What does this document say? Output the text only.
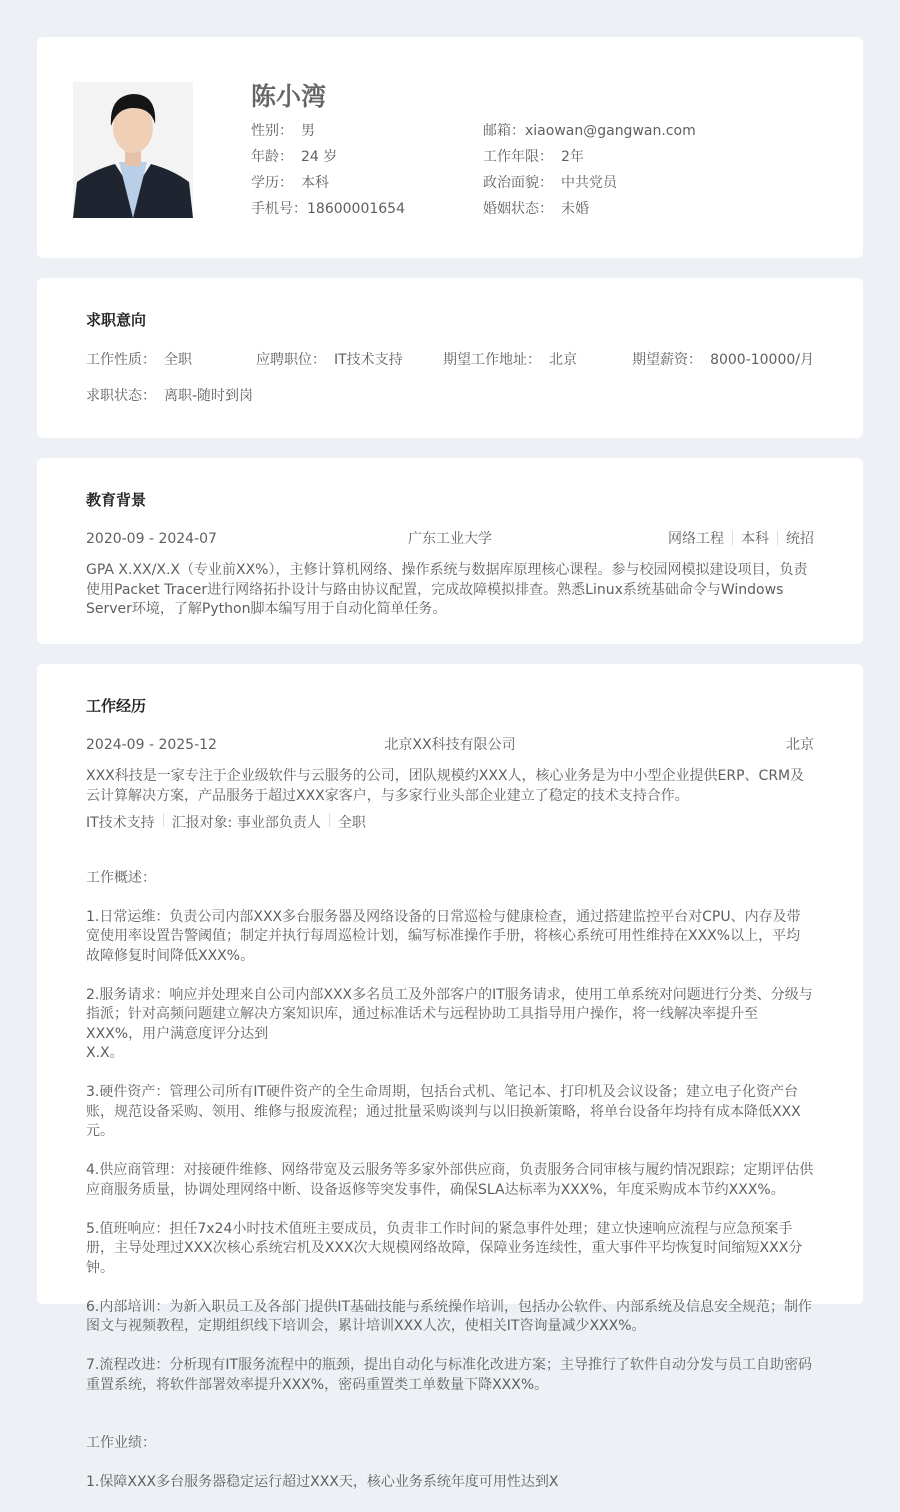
陈小湾
性别： 男	邮箱：xiaowan@gangwan.com
年龄： 24 岁	工作年限： 2年
学历： 本科	政治面貌： 中共党员
手机号：18600001654	婚姻状态： 未婚
求职意向
工作性质： 全职	应聘职位： IT技术支持	期望工作地址： 北京	期望薪资： 8000-10000/月
求职状态： 离职-随时到岗
教育背景
2020-09 - 2024-07	广东工业大学	网络工程 本科 统招

GPA X.XX/X.X（专业前XX%），主修计算机网络、操作系统与数据库原理核心课程。参与校园网模拟建设项目，负责使用Packet Tracer进行网络拓扑设计与路由协议配置，完成故障模拟排查。熟悉Linux系统基础命令与Windows Server环境，了解Python脚本编写用于自动化简单任务。

工作经历
2024-09 - 2025-12	北京XX科技有限公司	北京

XXX科技是一家专注于企业级软件与云服务的公司，团队规模约XXX人，核心业务是为中小型企业提供ERP、CRM及云计算解决方案，产品服务于超过XXX家客户，与多家行业头部企业建立了稳定的技术支持合作。

IT技术支持 汇报对象: 事业部负责人 全职

工作概述：

1.日常运维：负责公司内部XXX多台服务器及网络设备的日常巡检与健康检查，通过搭建监控平台对CPU、内存及带宽使用率设置告警阈值；制定并执行每周巡检计划，编写标准操作手册，将核心系统可用性维持在XXX%以上，平均故障修复时间降低XXX%。

2.服务请求：响应并处理来自公司内部XXX多名员工及外部客户的IT服务请求，使用工单系统对问题进行分类、分级与指派；针对高频问题建立解决方案知识库，通过标准话术与远程协助工具指导用户操作，将一线解决率提升至XXX%，用户满意度评分达到
X.X。

3.硬件资产：管理公司所有IT硬件资产的全生命周期，包括台式机、笔记本、打印机及会议设备；建立电子化资产台账，规范设备采购、领用、维修与报废流程；通过批量采购谈判与以旧换新策略，将单台设备年均持有成本降低XXX元。

4.供应商管理：对接硬件维修、网络带宽及云服务等多家外部供应商，负责服务合同审核与履约情况跟踪；定期评估供应商服务质量，协调处理网络中断、设备返修等突发事件，确保SLA达标率为XXX%，年度采购成本节约XXX%。

5.值班响应：担任7x24小时技术值班主要成员，负责非工作时间的紧急事件处理；建立快速响应流程与应急预案手册，主导处理过XXX次核心系统宕机及XXX次大规模网络故障，保障业务连续性，重大事件平均恢复时间缩短XXX分钟。

6.内部培训：为新入职员工及各部门提供IT基础技能与系统操作培训，包括办公软件、内部系统及信息安全规范；制作图文与视频教程，定期组织线下培训会，累计培训XXX人次，使相关IT咨询量减少XXX%。

7.流程改进：分析现有IT服务流程中的瓶颈，提出自动化与标准化改进方案；主导推行了软件自动分发与员工自助密码重置系统，将软件部署效率提升XXX%，密码重置类工单数量下降XXX%。

工作业绩：

1.保障XXX多台服务器稳定运行超过XXX天，核心业务系统年度可用性达到X
